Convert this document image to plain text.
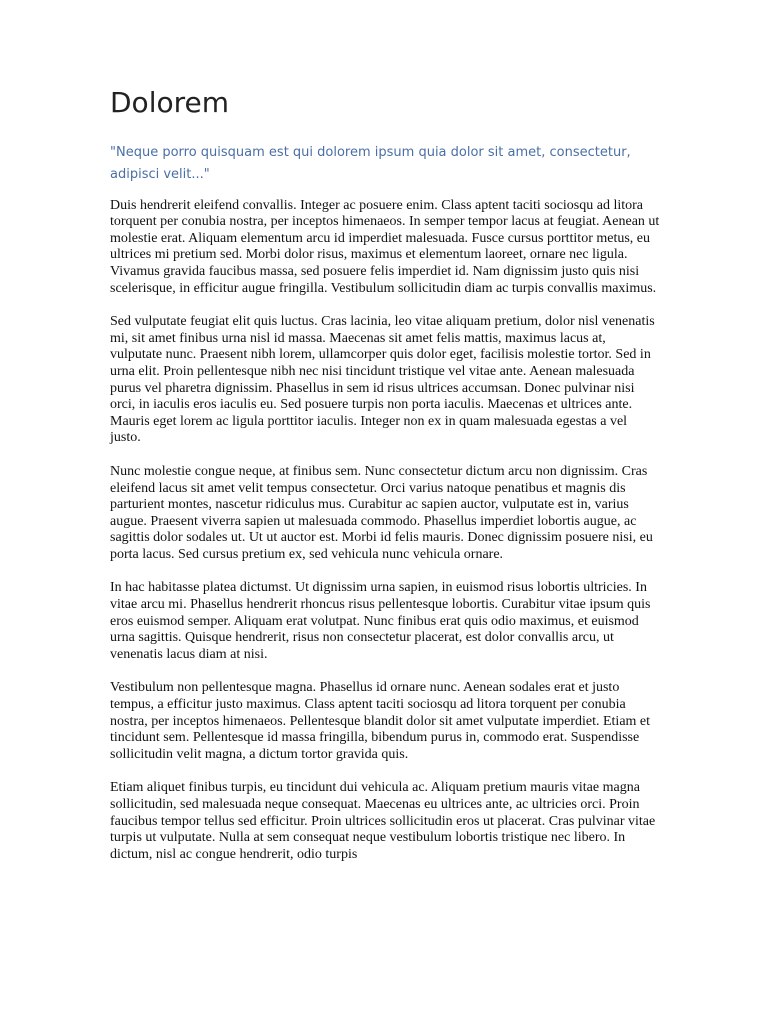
Dolorem

"Neque porro quisquam est qui dolorem ipsum quia dolor sit amet, consectetur, adipisci velit..."

Duis hendrerit eleifend convallis. Integer ac posuere enim. Class aptent taciti sociosqu ad litora torquent per conubia nostra, per inceptos himenaeos. In semper tempor lacus at feugiat. Aenean ut molestie erat. Aliquam elementum arcu id imperdiet malesuada. Fusce cursus porttitor metus, eu ultrices mi pretium sed. Morbi dolor risus, maximus et elementum laoreet, ornare nec ligula. Vivamus gravida faucibus massa, sed posuere felis imperdiet id. Nam dignissim justo quis nisi scelerisque, in efficitur augue fringilla. Vestibulum sollicitudin diam ac turpis convallis maximus.

Sed vulputate feugiat elit quis luctus. Cras lacinia, leo vitae aliquam pretium, dolor nisl venenatis mi, sit amet finibus urna nisl id massa. Maecenas sit amet felis mattis, maximus lacus at, vulputate nunc. Praesent nibh lorem, ullamcorper quis dolor eget, facilisis molestie tortor. Sed in urna elit. Proin pellentesque nibh nec nisi tincidunt tristique vel vitae ante. Aenean malesuada purus vel pharetra dignissim. Phasellus in sem id risus ultrices accumsan. Donec pulvinar nisi orci, in iaculis eros iaculis eu. Sed posuere turpis non porta iaculis. Maecenas et ultrices ante. Mauris eget lorem ac ligula porttitor iaculis. Integer non ex in quam malesuada egestas a vel justo.

Nunc molestie congue neque, at finibus sem. Nunc consectetur dictum arcu non dignissim. Cras eleifend lacus sit amet velit tempus consectetur. Orci varius natoque penatibus et magnis dis parturient montes, nascetur ridiculus mus. Curabitur ac sapien auctor, vulputate est in, varius augue. Praesent viverra sapien ut malesuada commodo. Phasellus imperdiet lobortis augue, ac sagittis dolor sodales ut. Ut ut auctor est. Morbi id felis mauris. Donec dignissim posuere nisi, eu porta lacus. Sed cursus pretium ex, sed vehicula nunc vehicula ornare.

In hac habitasse platea dictumst. Ut dignissim urna sapien, in euismod risus lobortis ultricies. In vitae arcu mi. Phasellus hendrerit rhoncus risus pellentesque lobortis. Curabitur vitae ipsum quis eros euismod semper. Aliquam erat volutpat. Nunc finibus erat quis odio maximus, et euismod urna sagittis. Quisque hendrerit, risus non consectetur placerat, est dolor convallis arcu, ut venenatis lacus diam at nisi.

Vestibulum non pellentesque magna. Phasellus id ornare nunc. Aenean sodales erat et justo tempus, a efficitur justo maximus. Class aptent taciti sociosqu ad litora torquent per conubia nostra, per inceptos himenaeos. Pellentesque blandit dolor sit amet vulputate imperdiet. Etiam et tincidunt sem. Pellentesque id massa fringilla, bibendum purus in, commodo erat. Suspendisse sollicitudin velit magna, a dictum tortor gravida quis.

Etiam aliquet finibus turpis, eu tincidunt dui vehicula ac. Aliquam pretium mauris vitae magna sollicitudin, sed malesuada neque consequat. Maecenas eu ultrices ante, ac ultricies orci. Proin faucibus tempor tellus sed efficitur. Proin ultrices sollicitudin eros ut placerat. Cras pulvinar vitae turpis ut vulputate. Nulla at sem consequat neque vestibulum lobortis tristique nec libero. In dictum, nisl ac congue hendrerit, odio turpis
